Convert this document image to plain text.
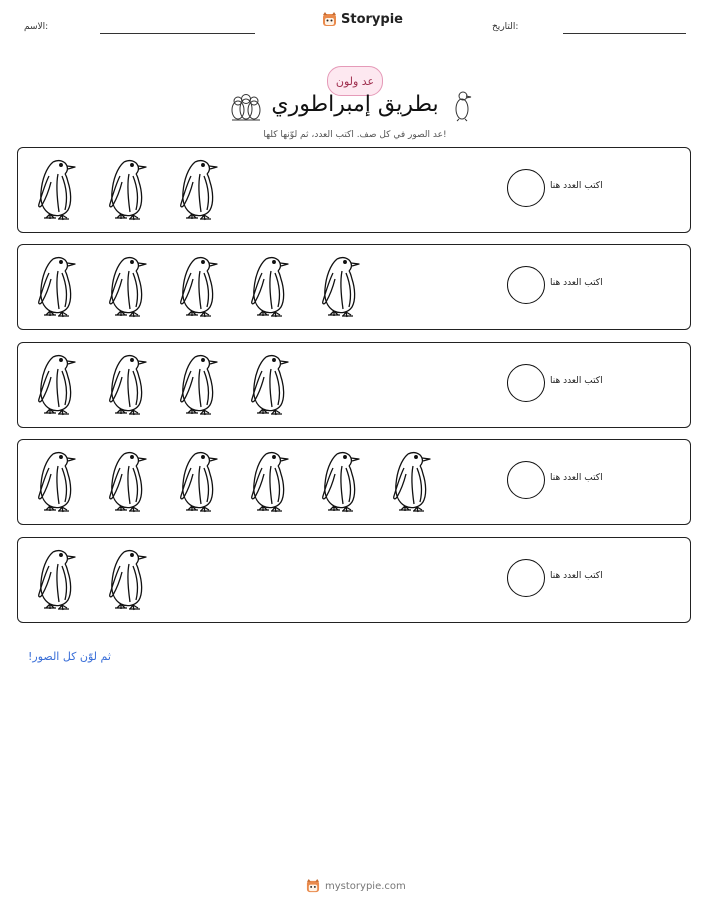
الاسم:	Storypie	التاريخ:
عد ولون
بطريق إمبراطوري
عد الصور في كل صف. اكتب العدد، ثم لوّنها كلها!
اكتب العدد هنا
اكتب العدد هنا
اكتب العدد هنا
اكتب العدد هنا
اكتب العدد هنا
ثم لوّن كل الصور!
mystorypie.com
